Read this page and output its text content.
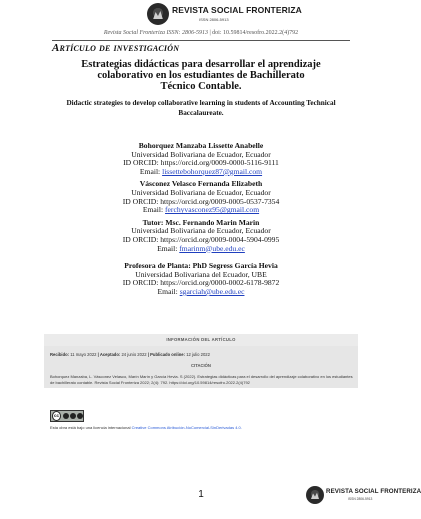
REVISTA SOCIAL FRONTERIZA
ISSN 2806-5913
Revista Social Fronteriza ISSN: 2806-5913 | doi: 10.59814/resofro.2022.2(4)792
Artículo de investigación
Estrategias didácticas para desarrollar el aprendizaje colaborativo en los estudiantes de Bachillerato Técnico Contable.
Didactic strategies to develop collaborative learning in students of Accounting Technical Baccalaureate.
Bohorquez Manzaba Lissette Anabelle
Universidad Bolivariana de Ecuador, Ecuador
ID ORCID: https://orcid.org/0009-0000-5116-9111
Email: lissettebohorquez87@gmail.com
Vásconez Velasco Fernanda Elizabeth
Universidad Bolivariana de Ecuador, Ecuador
ID ORCID: https://orcid.org/0009-0005-0537-7354
Email: ferchyvasconez95@gmail.com
Tutor: Msc. Fernando Marin Marin
Universidad Bolivariana de Ecuador, Ecuador
ID ORCID: https://orcid.org/0009-0004-5904-0995
Email: fmarinm@ube.edu.ec
Profesora de Planta: PhD Segress García Hevia
Universidad Bolivariana del Ecuador, UBE
ID ORCID: https://orcid.org/0000-0002-6178-9872
Email: sgarciah@ube.edu.ec
INFORMACIÓN DEL ARTÍCULO
Recibido: 11 mayo 2022 | Aceptado: 24 junio 2022 | Publicado online: 12 julio 2022
CITACIÓN
Bohorquez Manzaba, L. Vásconez Velasco, Marín Marín y García Hevia. S (2022). Estrategias didácticas para el desarrollo del aprendizaje colaborativo en los estudiantes de bachillerato contable. Revista Social Fronteriza 2022; 2(4): 792. https://doi.org/10.59814/resofro.2022.2(4)792
cc
Esta obra está bajo una licencia internacional Creative Commons Atribución-NoComercial-SinDerivadas 4.0.
1	REVISTA SOCIAL FRONTERIZA
ISSN 2806-5913
